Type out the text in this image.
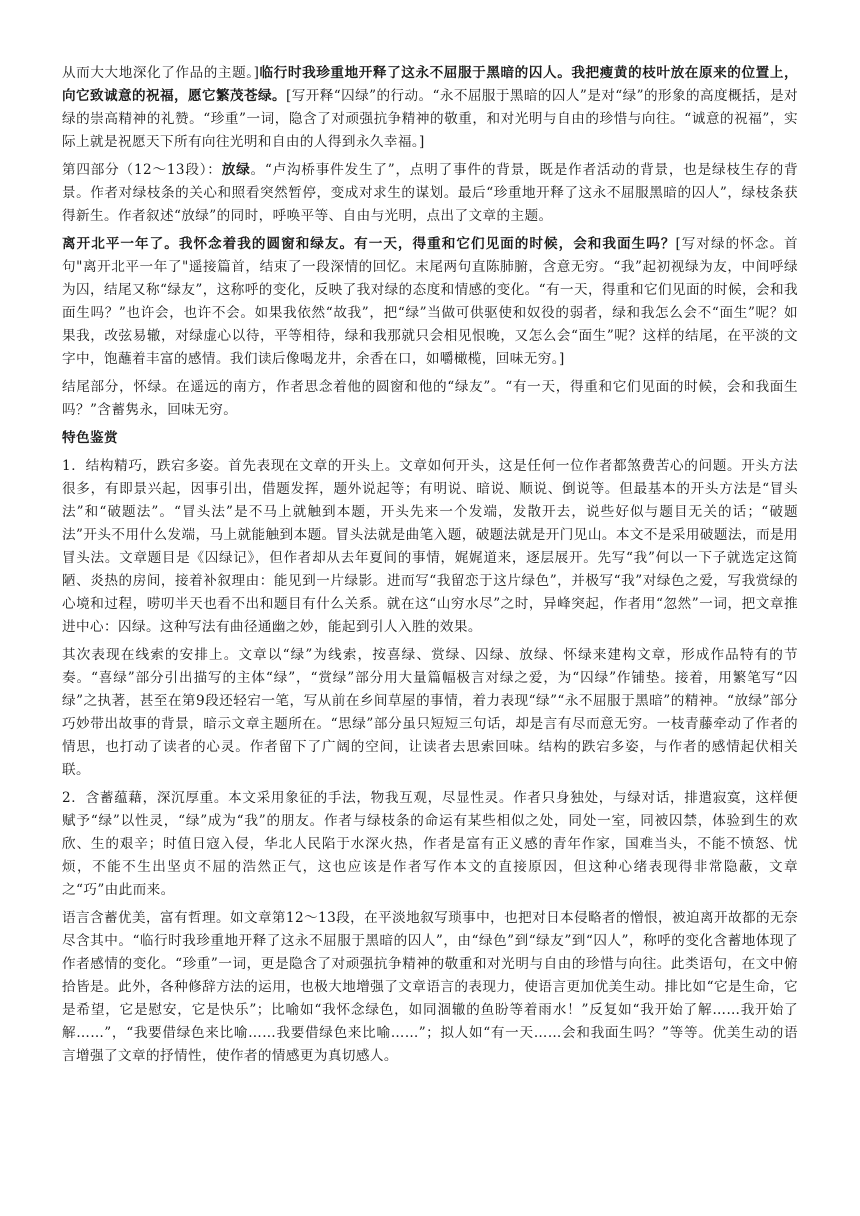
从而大大地深化了作品的主题。]临行时我珍重地开释了这永不屈服于黑暗的囚人。我把瘦黄的枝叶放在原来的位置上，向它致诚意的祝福，愿它繁茂苍绿。[写开释“囚绿”的行动。“永不屈服于黑暗的囚人”是对“绿”的形象的高度概括，是对绿的崇高精神的礼赞。“珍重”一词，隐含了对顽强抗争精神的敬重，和对光明与自由的珍惜与向往。“诚意的祝福”，实际上就是祝愿天下所有向往光明和自由的人得到永久幸福。]

第四部分（12～13段）：放绿。“卢沟桥事件发生了”，点明了事件的背景，既是作者活动的背景，也是绿枝生存的背景。作者对绿枝条的关心和照看突然暂停，变成对求生的谋划。最后“珍重地开释了这永不屈服黑暗的囚人”，绿枝条获得新生。作者叙述“放绿”的同时，呼唤平等、自由与光明，点出了文章的主题。

离开北平一年了。我怀念着我的圆窗和绿友。有一天，得重和它们见面的时候，会和我面生吗？[写对绿的怀念。首句"离开北平一年了"遥接篇首，结束了一段深情的回忆。末尾两句直陈肺腑，含意无穷。“我”起初视绿为友，中间呼绿为囚，结尾又称“绿友”，这称呼的变化，反映了我对绿的态度和情感的变化。“有一天，得重和它们见面的时候，会和我面生吗？”也许会，也许不会。如果我依然“故我”，把“绿”当做可供驱使和奴役的弱者，绿和我怎么会不“面生”呢？如果我，改弦易辙，对绿虚心以待，平等相待，绿和我那就只会相见恨晚，又怎么会“面生”呢？这样的结尾，在平淡的文字中，饱蘸着丰富的感情。我们读后像喝龙井，余香在口，如嚼橄榄，回味无穷。]

结尾部分，怀绿。在遥远的南方，作者思念着他的圆窗和他的“绿友”。“有一天，得重和它们见面的时候，会和我面生吗？”含蓄隽永，回味无穷。

特色鉴赏

1．结构精巧，跌宕多姿。首先表现在文章的开头上。文章如何开头，这是任何一位作者都煞费苦心的问题。开头方法很多，有即景兴起，因事引出，借题发挥，题外说起等；有明说、暗说、顺说、倒说等。但最基本的开头方法是“冒头法”和“破题法”。“冒头法”是不马上就触到本题，开头先来一个发端，发散开去，说些好似与题目无关的话；“破题法”开头不用什么发端，马上就能触到本题。冒头法就是曲笔入题，破题法就是开门见山。本文不是采用破题法，而是用冒头法。文章题目是《囚绿记》，但作者却从去年夏间的事情，娓娓道来，逐层展开。先写“我”何以一下子就选定这简陋、炎热的房间，接着补叙理由：能见到一片绿影。进而写“我留恋于这片绿色”，并极写“我”对绿色之爱，写我赏绿的心境和过程，唠叨半天也看不出和题目有什么关系。就在这“山穷水尽”之时，异峰突起，作者用“忽然”一词，把文章推进中心：囚绿。这种写法有曲径通幽之妙，能起到引人入胜的效果。

其次表现在线索的安排上。文章以“绿”为线索，按喜绿、赏绿、囚绿、放绿、怀绿来建构文章，形成作品特有的节奏。“喜绿”部分引出描写的主体“绿”，“赏绿”部分用大量篇幅极言对绿之爱，为“囚绿”作铺垫。接着，用繁笔写“囚绿”之执著，甚至在第9段还轻宕一笔，写从前在乡间草屋的事情，着力表现“绿”“永不屈服于黑暗”的精神。“放绿”部分巧妙带出故事的背景，暗示文章主题所在。“思绿”部分虽只短短三句话，却是言有尽而意无穷。一枝青藤牵动了作者的情思，也打动了读者的心灵。作者留下了广阔的空间，让读者去思索回味。结构的跌宕多姿，与作者的感情起伏相关联。

2．含蓄蕴藉，深沉厚重。本文采用象征的手法，物我互观，尽显性灵。作者只身独处，与绿对话，排遣寂寞，这样便赋予“绿”以性灵，“绿”成为“我”的朋友。作者与绿枝条的命运有某些相似之处，同处一室，同被囚禁，体验到生的欢欣、生的艰辛；时值日寇入侵，华北人民陷于水深火热，作者是富有正义感的青年作家，国难当头，不能不愤怒、忧烦，不能不生出坚贞不屈的浩然正气，这也应该是作者写作本文的直接原因，但这种心绪表现得非常隐蔽，文章之“巧”由此而来。

语言含蓄优美，富有哲理。如文章第12～13段，在平淡地叙写琐事中，也把对日本侵略者的憎恨，被迫离开故都的无奈尽含其中。“临行时我珍重地开释了这永不屈服于黑暗的囚人”，由“绿色”到“绿友”到“囚人”，称呼的变化含蓄地体现了作者感情的变化。“珍重”一词，更是隐含了对顽强抗争精神的敬重和对光明与自由的珍惜与向往。此类语句，在文中俯拾皆是。此外，各种修辞方法的运用，也极大地增强了文章语言的表现力，使语言更加优美生动。排比如“它是生命，它是希望，它是慰安，它是快乐”；比喻如“我怀念绿色，如同涸辙的鱼盼等着雨水！”反复如“我开始了解……我开始了解……”，“我要借绿色来比喻……我要借绿色来比喻……”；拟人如“有一天……会和我面生吗？”等等。优美生动的语言增强了文章的抒情性，使作者的情感更为真切感人。
